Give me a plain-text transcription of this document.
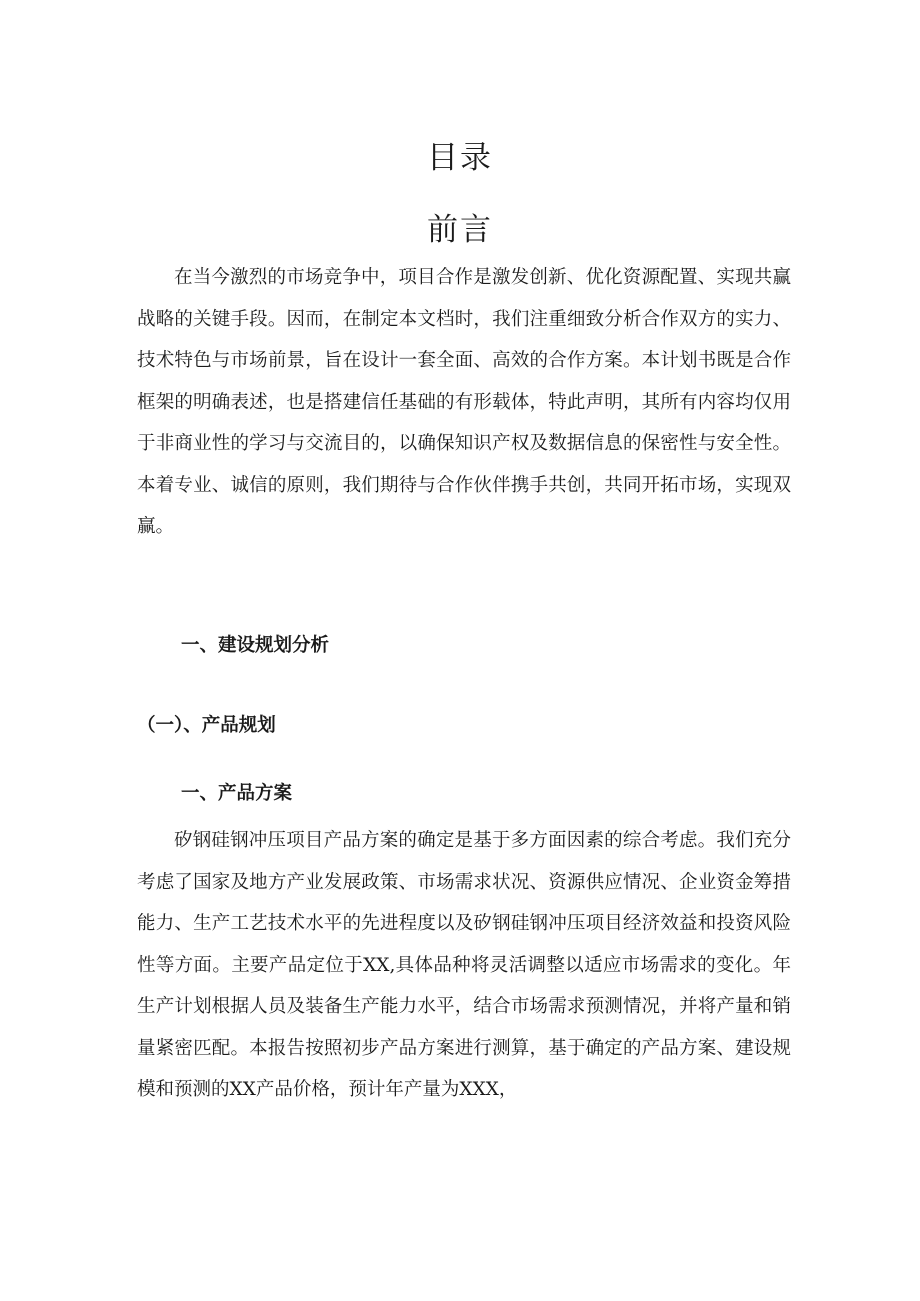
目录
前言

在当今激烈的市场竞争中，项目合作是激发创新、优化资源配置、实现共赢战略的关键手段。因而，在制定本文档时，我们注重细致分析合作双方的实力、技术特色与市场前景，旨在设计一套全面、高效的合作方案。本计划书既是合作框架的明确表述，也是搭建信任基础的有形载体，特此声明，其所有内容均仅用于非商业性的学习与交流目的，以确保知识产权及数据信息的保密性与安全性。本着专业、诚信的原则，我们期待与合作伙伴携手共创，共同开拓市场，实现双赢。

一、建设规划分析
（一）、产品规划
一、产品方案

矽钢硅钢冲压项目产品方案的确定是基于多方面因素的综合考虑。我们充分考虑了国家及地方产业发展政策、市场需求状况、资源供应情况、企业资金筹措能力、生产工艺技术水平的先进程度以及矽钢硅钢冲压项目经济效益和投资风险性等方面。主要产品定位于XX,具体品种将灵活调整以适应市场需求的变化。年生产计划根据人员及装备生产能力水平，结合市场需求预测情况，并将产量和销量紧密匹配。本报告按照初步产品方案进行测算，基于确定的产品方案、建设规模和预测的XX产品价格，预计年产量为XXX，
